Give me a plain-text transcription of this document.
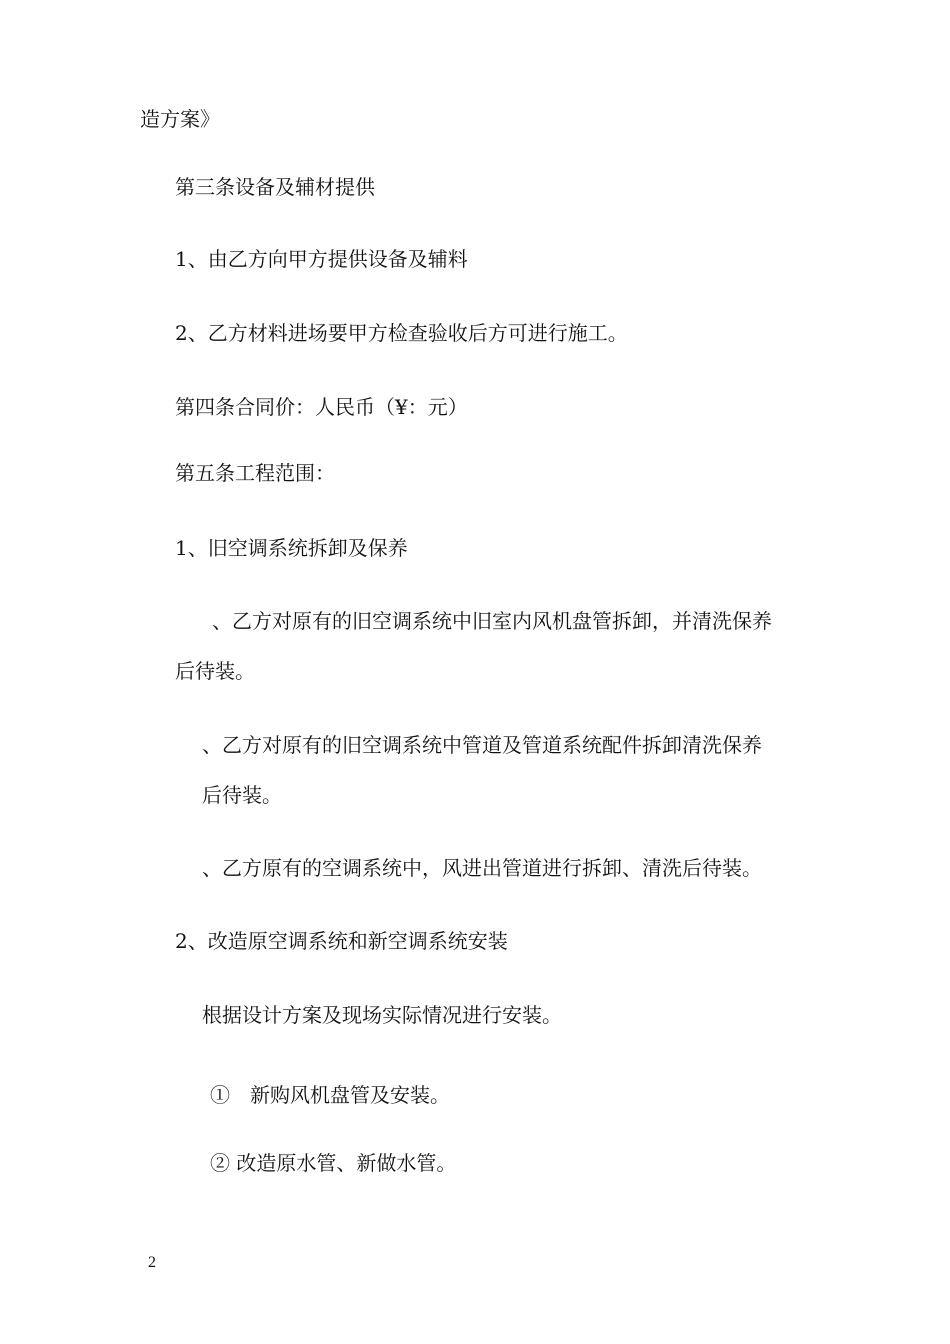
造方案》
第三条设备及辅材提供
1、由乙方向甲方提供设备及辅料
2、乙方材料进场要甲方检查验收后方可进行施工。
第四条合同价：人民币（¥：元）
第五条工程范围：
1、旧空调系统拆卸及保养
、乙方对原有的旧空调系统中旧室内风机盘管拆卸，并清洗保养
后待装。
、乙方对原有的旧空调系统中管道及管道系统配件拆卸清洗保养
后待装。
、乙方原有的空调系统中，风进出管道进行拆卸、清洗后待装。
2、改造原空调系统和新空调系统安装
根据设计方案及现场实际情况进行安装。
①　新购风机盘管及安装。
② 改造原水管、新做水管。
2
